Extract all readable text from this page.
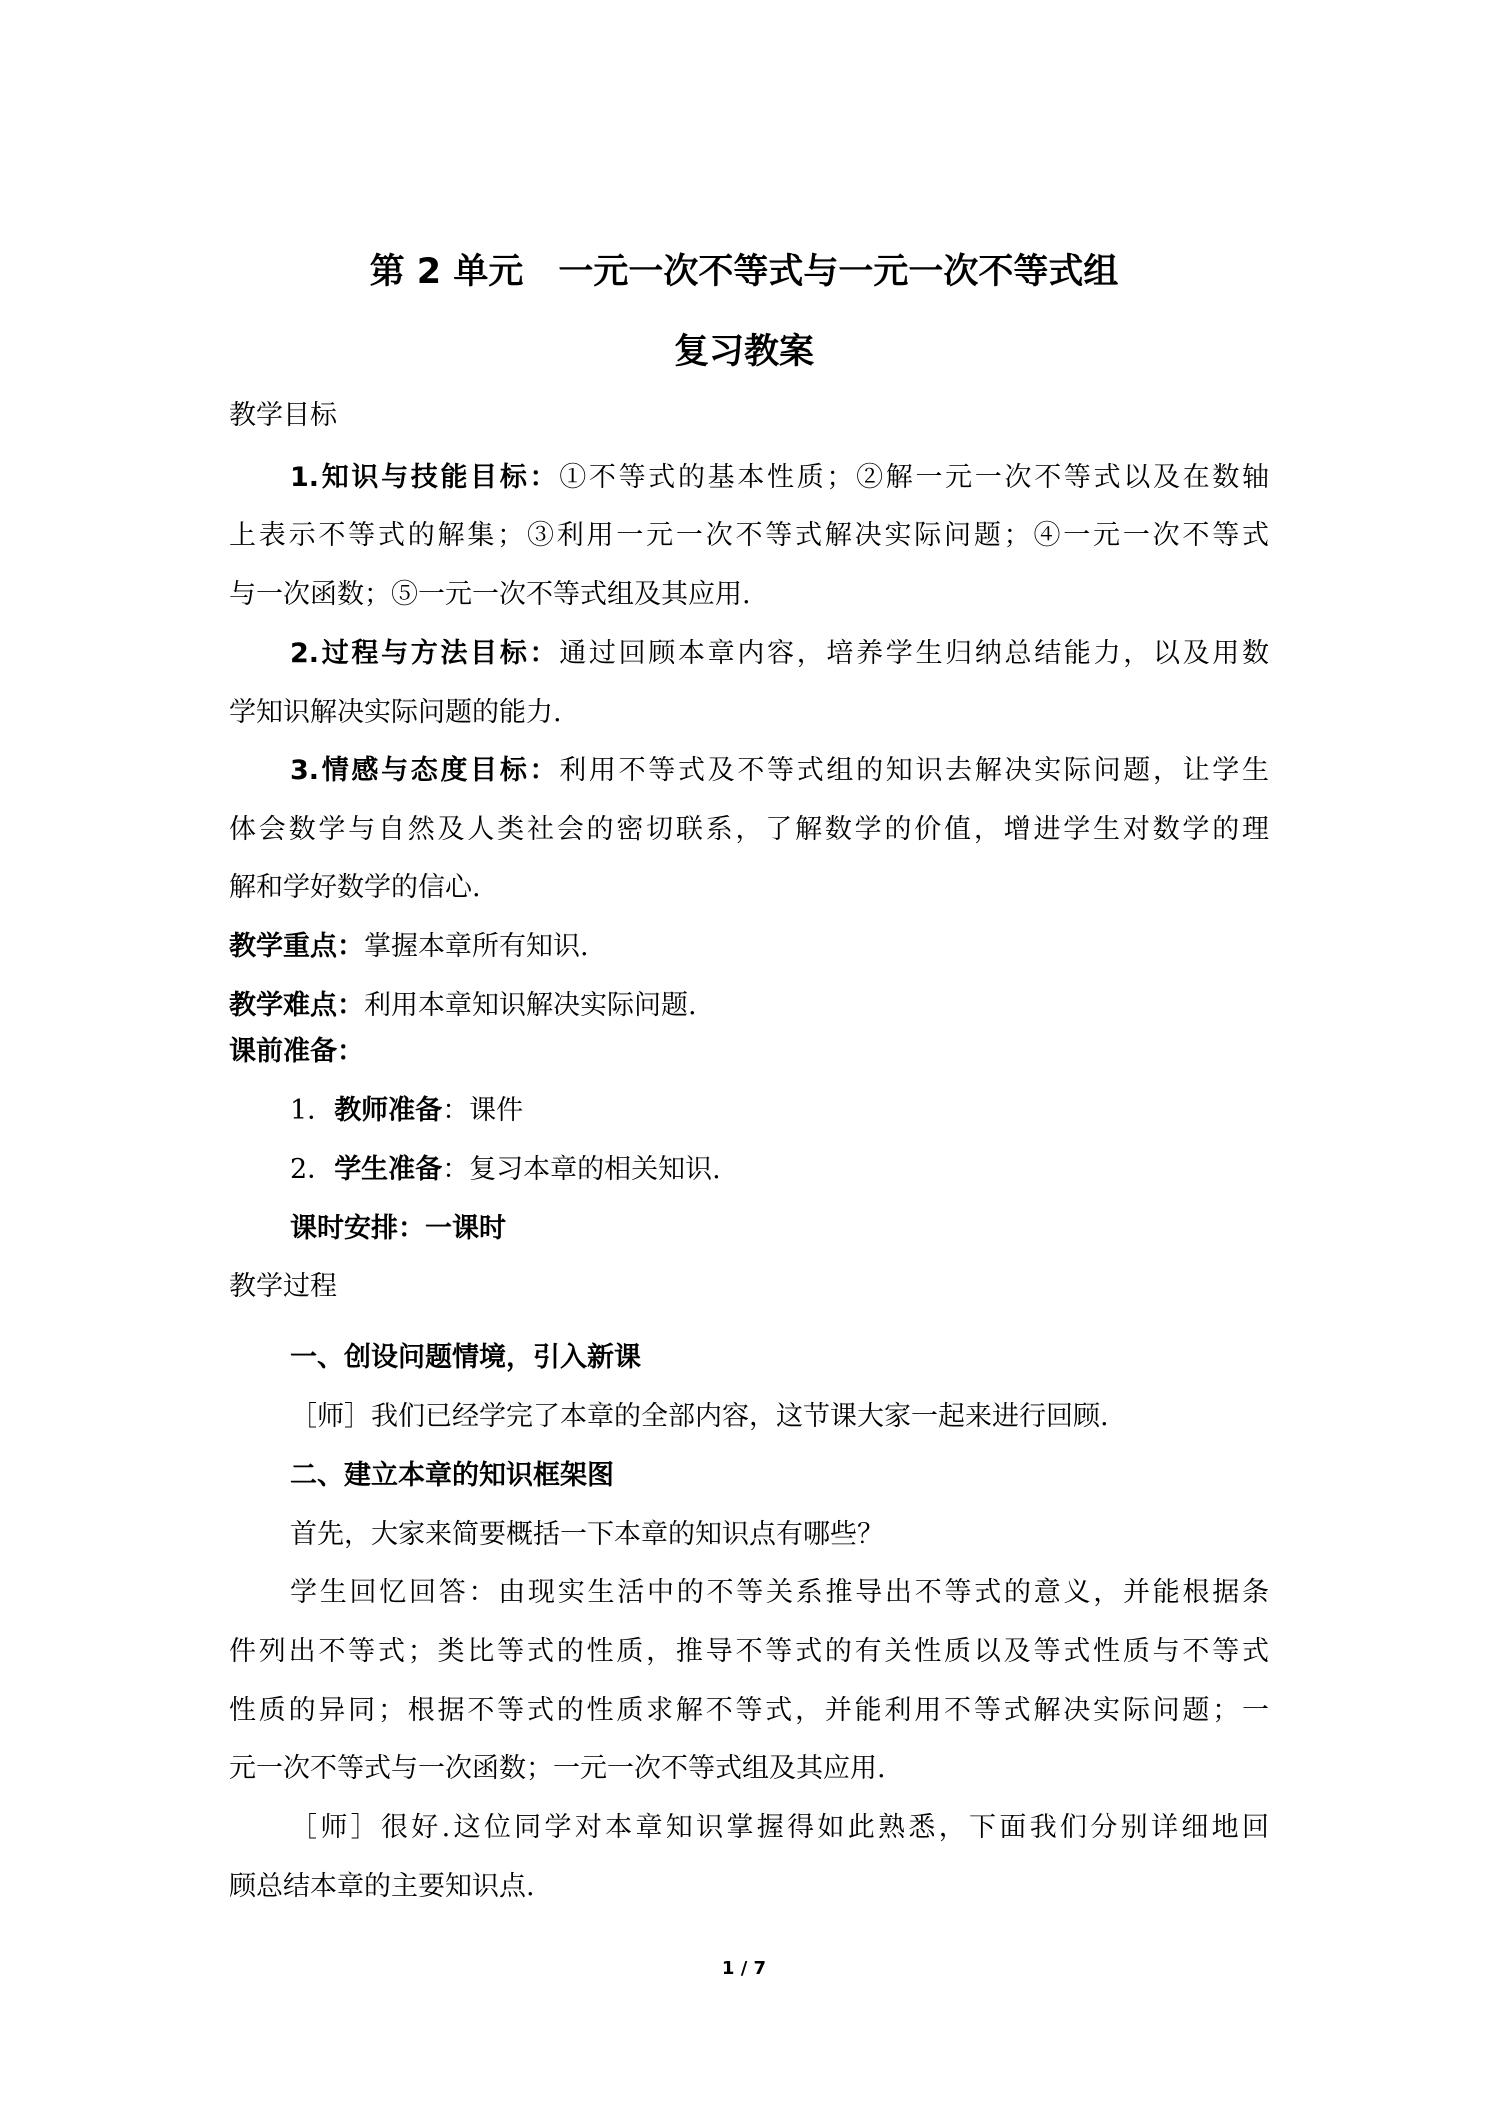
第 2 单元　一元一次不等式与一元一次不等式组
复习教案
教学目标
1.知识与技能目标：①不等式的基本性质；②解一元一次不等式以及在数轴
上表示不等式的解集；③利用一元一次不等式解决实际问题；④一元一次不等式
与一次函数；⑤一元一次不等式组及其应用.
2.过程与方法目标：通过回顾本章内容，培养学生归纳总结能力，以及用数
学知识解决实际问题的能力.
3.情感与态度目标：利用不等式及不等式组的知识去解决实际问题，让学生
体会数学与自然及人类社会的密切联系，了解数学的价值，增进学生对数学的理
解和学好数学的信心.
教学重点：掌握本章所有知识.
教学难点：利用本章知识解决实际问题.
课前准备：
1．教师准备：课件
2．学生准备：复习本章的相关知识.
课时安排：一课时
教学过程
一、创设问题情境，引入新课
［师］我们已经学完了本章的全部内容，这节课大家一起来进行回顾.
二、建立本章的知识框架图
首先，大家来简要概括一下本章的知识点有哪些？
学生回忆回答：由现实生活中的不等关系推导出不等式的意义，并能根据条
件列出不等式；类比等式的性质，推导不等式的有关性质以及等式性质与不等式
性质的异同；根据不等式的性质求解不等式，并能利用不等式解决实际问题；一
元一次不等式与一次函数；一元一次不等式组及其应用.
［师］很好.这位同学对本章知识掌握得如此熟悉，下面我们分别详细地回
顾总结本章的主要知识点.
1 / 7
